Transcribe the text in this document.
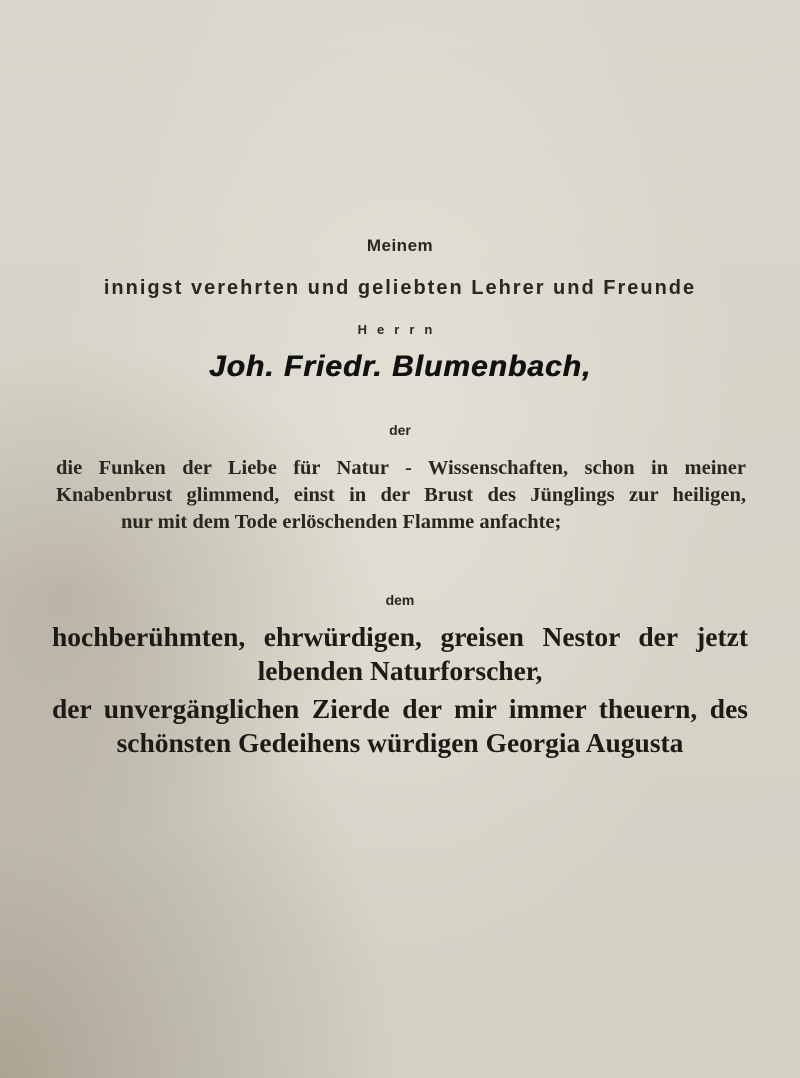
Meinem
innigst verehrten und geliebten Lehrer und Freunde
Herrn
Joh. Friedr. Blumenbach,
der
die Funken der Liebe für Natur - Wissenschaften, schon in meiner
Knabenbrust glimmend, einst in der Brust des Jünglings zur heiligen,
nur mit dem Tode erlöschenden Flamme anfachte;
dem
hochberühmten, ehrwürdigen, greisen Nestor der jetzt
lebenden Naturforscher,
der unvergänglichen Zierde der mir immer theuern, des
schönsten Gedeihens würdigen Georgia Augusta
